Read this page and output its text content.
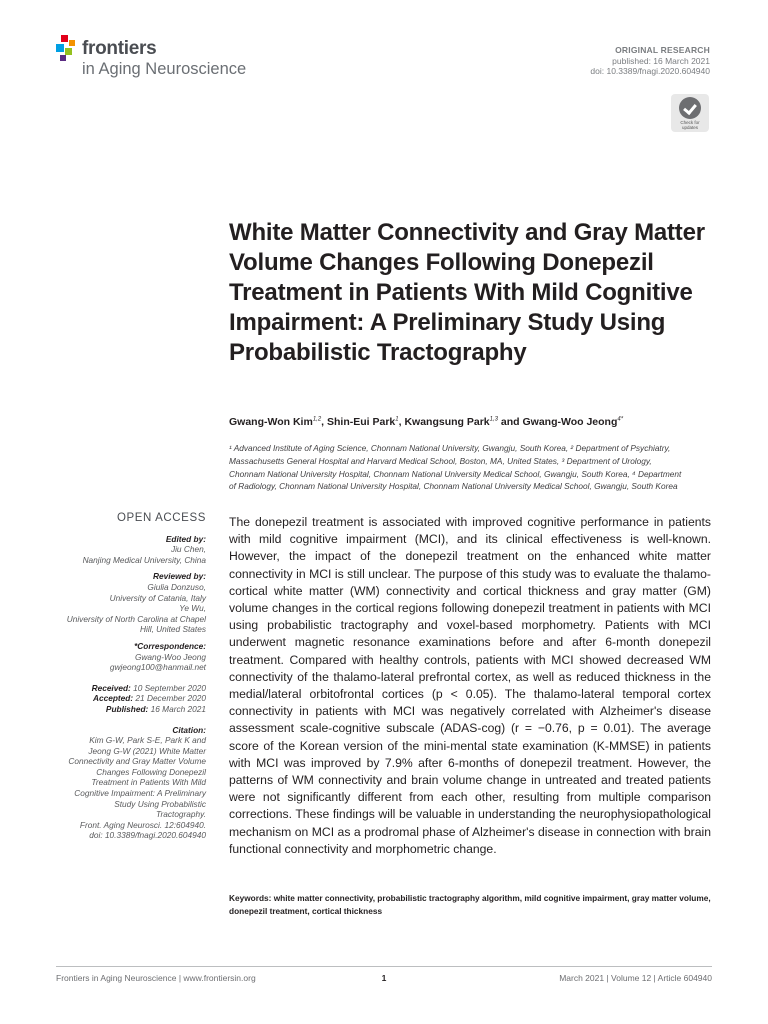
frontiers
in Aging Neuroscience
ORIGINAL RESEARCH
published: 16 March 2021
doi: 10.3389/fnagi.2020.604940
Check for
updates
White Matter Connectivity and Gray Matter Volume Changes Following Donepezil Treatment in Patients With Mild Cognitive Impairment: A Preliminary Study Using Probabilistic Tractography
Gwang-Won Kim$^{1,2}$, Shin-Eui Park$^1$, Kwangsung Park$^{1,3}$ and Gwang-Woo Jeong$^{4*}$

¹ Advanced Institute of Aging Science, Chonnam National University, Gwangju, South Korea, ² Department of Psychiatry,

Massachusetts General Hospital and Harvard Medical School, Boston, MA, United States, ³ Department of Urology,

Chonnam National University Hospital, Chonnam National University Medical School, Gwangju, South Korea, ⁴ Department

of Radiology, Chonnam National University Hospital, Chonnam National University Medical School, Gwangju, South Korea

OPEN ACCESS
Edited by:
Jiu Chen,
Nanjing Medical University, China
Reviewed by:
Giulia Donzuso,
University of Catania, Italy
Ye Wu,
University of North Carolina at Chapel
Hill, United States
*Correspondence:
Gwang-Woo Jeong
gwjeong100@hanmail.net
Received: 10 September 2020
Accepted: 21 December 2020
Published: 16 March 2021
Citation:
Kim G-W, Park S-E, Park K and
Jeong G-W (2021) White Matter
Connectivity and Gray Matter Volume
Changes Following Donepezil
Treatment in Patients With Mild
Cognitive Impairment: A Preliminary
Study Using Probabilistic
Tractography.
Front. Aging Neurosci. 12:604940.
doi: 10.3389/fnagi.2020.604940

The donepezil treatment is associated with improved cognitive performance in patients with mild cognitive impairment (MCI), and its clinical effectiveness is well-known. However, the impact of the donepezil treatment on the enhanced white matter connectivity in MCI is still unclear. The purpose of this study was to evaluate the thalamo-cortical white matter (WM) connectivity and cortical thickness and gray matter (GM) volume changes in the cortical regions following donepezil treatment in patients with MCI using probabilistic tractography and voxel-based morphometry. Patients with MCI underwent magnetic resonance examinations before and after 6-month donepezil treatment. Compared with healthy controls, patients with MCI showed decreased WM connectivity of the thalamo-lateral prefrontal cortex, as well as reduced thickness in the medial/lateral orbitofrontal cortices (p < 0.05). The thalamo-lateral temporal cortex connectivity in patients with MCI was negatively correlated with Alzheimer's disease assessment scale-cognitive subscale (ADAS-cog) (r = −0.76, p = 0.01). The average score of the Korean version of the mini-mental state examination (K-MMSE) in patients with MCI was improved by 7.9% after 6-months of donepezil treatment. However, the patterns of WM connectivity and brain volume change in untreated and treated patients were not significantly different from each other, resulting from multiple comparison corrections. These findings will be valuable in understanding the neurophysiopathological mechanism on MCI as a prodromal phase of Alzheimer's disease in connection with brain functional connectivity and morphometric change.

Keywords: white matter connectivity, probabilistic tractography algorithm, mild cognitive impairment, gray matter volume, donepezil treatment, cortical thickness
Frontiers in Aging Neuroscience | www.frontiersin.org	1	March 2021 | Volume 12 | Article 604940
